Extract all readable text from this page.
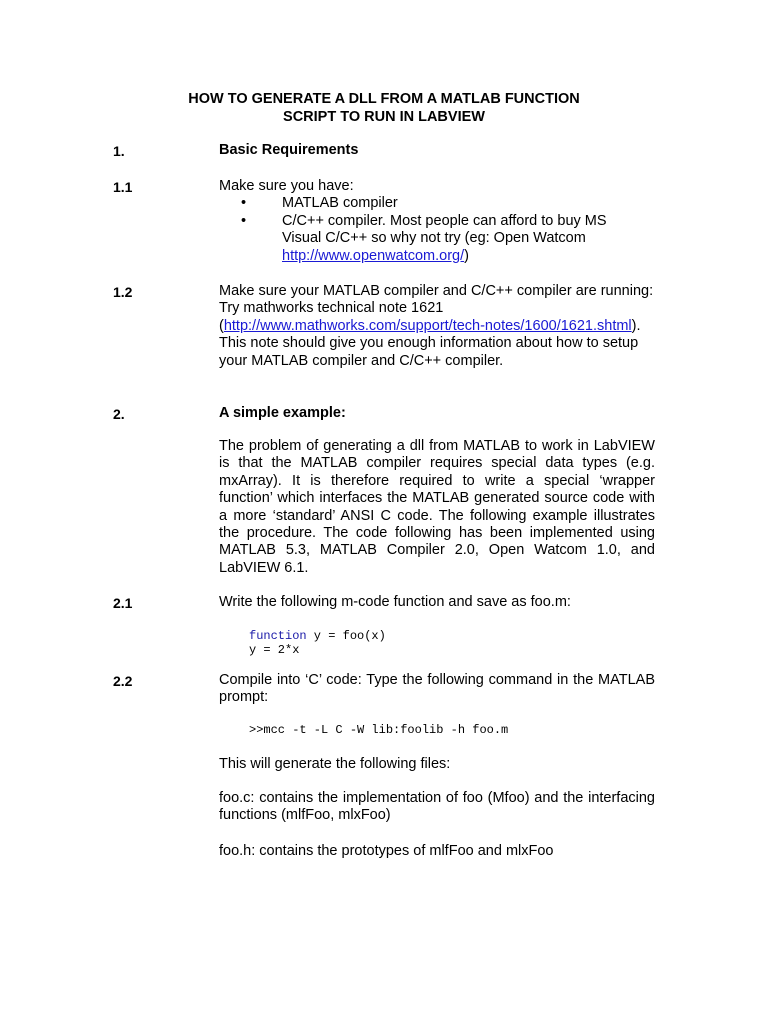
HOW TO GENERATE A DLL FROM A MATLAB FUNCTION
SCRIPT TO RUN IN LABVIEW
1.	Basic Requirements
1.1	Make sure you have:
• MATLAB compiler
• C/C++ compiler. Most people can afford to buy MS Visual C/C++ so why not try (eg: Open Watcom http://www.openwatcom.org/)
1.2	Make sure your MATLAB compiler and C/C++ compiler are running: Try mathworks technical note 1621 (http://www.mathworks.com/support/tech-notes/1600/1621.shtml). This note should give you enough information about how to setup your MATLAB compiler and C/C++ compiler.
2.	A simple example:
The problem of generating a dll from MATLAB to work in LabVIEW is that the MATLAB compiler requires special data types (e.g. mxArray). It is therefore required to write a special ‘wrapper function’ which interfaces the MATLAB generated source code with a more ‘standard’ ANSI C code. The following example illustrates the procedure. The code following has been implemented using MATLAB 5.3, MATLAB Compiler 2.0, Open Watcom 1.0, and LabVIEW 6.1.
2.1	Write the following m-code function and save as foo.m:
function y = foo(x)
y = 2*x
2.2	Compile into ‘C’ code: Type the following command in the MATLAB prompt:
>>mcc -t -L C -W lib:foolib -h foo.m
This will generate the following files:
foo.c: contains the implementation of foo (Mfoo) and the interfacing functions (mlfFoo, mlxFoo)
foo.h: contains the prototypes of mlfFoo and mlxFoo
